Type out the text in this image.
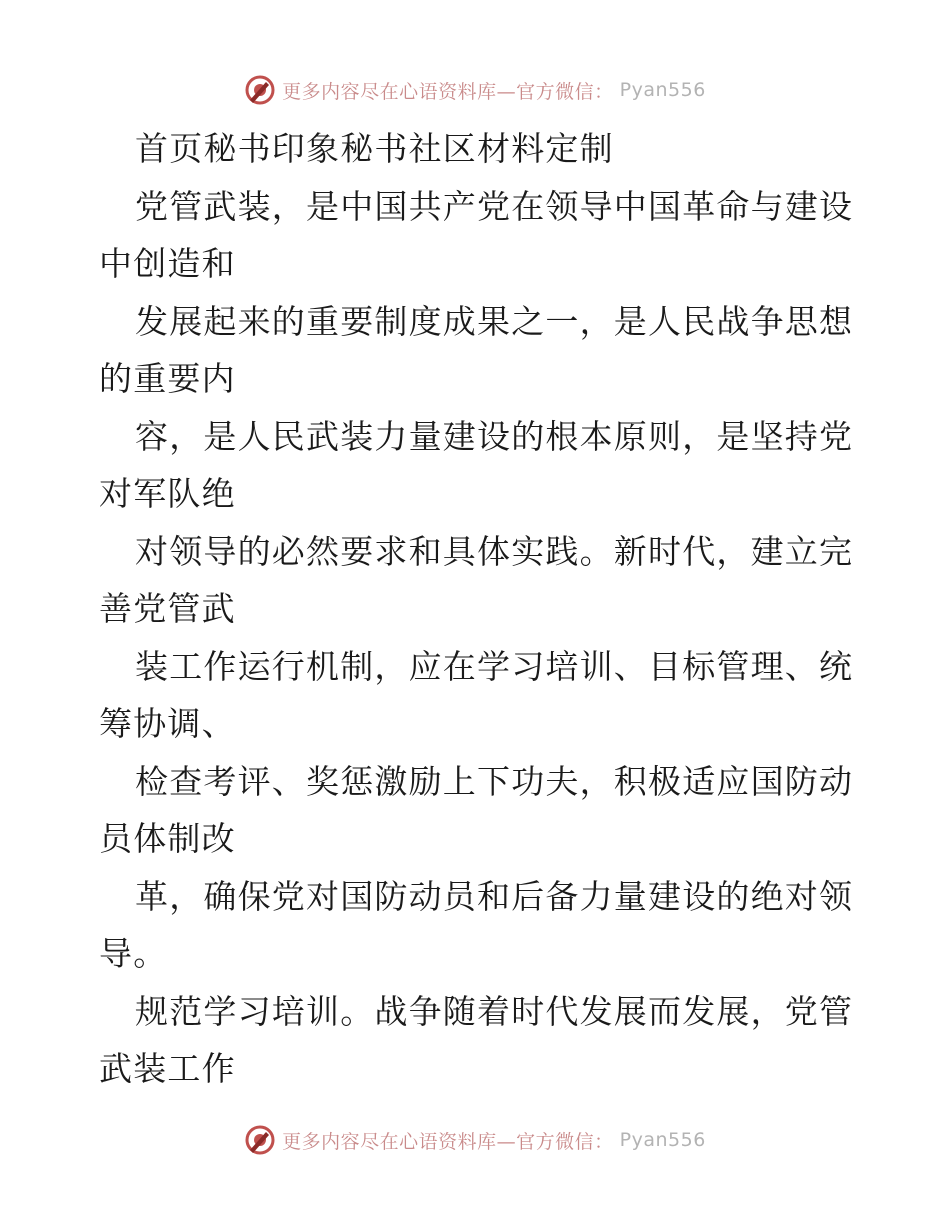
更多内容尽在心语资料库—官方微信： Pyan556
首页秘书印象秘书社区材料定制
党管武装，是中国共产党在领导中国革命与建设
中创造和
发展起来的重要制度成果之一，是人民战争思想
的重要内
容，是人民武装力量建设的根本原则，是坚持党
对军队绝
对领导的必然要求和具体实践。新时代，建立完
善党管武
装工作运行机制，应在学习培训、目标管理、统
筹协调、
检查考评、奖惩激励上下功夫，积极适应国防动
员体制改
革，确保党对国防动员和后备力量建设的绝对领
导。
规范学习培训。战争随着时代发展而发展，党管
武装工作
更多内容尽在心语资料库—官方微信： Pyan556
